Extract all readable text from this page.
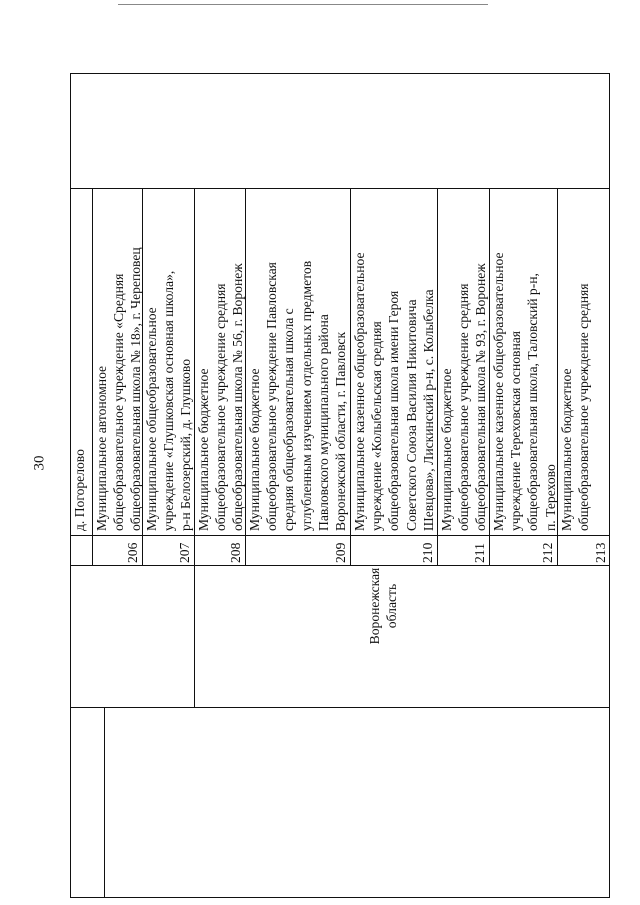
30 д. Погорелово
Воронежская область
Муниципальное автономное
общеобразовательное учреждение «Средняя
общеобразовательная школа № 18», г. Череповец
206
Муниципальное общеобразовательное
учреждение «Глушковская основная школа»,
р-н Белозерский, д. Глушково
207
Муниципальное бюджетное
общеобразовательное учреждение средняя
общеобразовательная школа № 56, г. Воронеж
208
Муниципальное бюджетное
общеобразовательное учреждение Павловская
средняя общеобразовательная школа с
углубленным изучением отдельных предметов
Павловского муниципального района
Воронежской области, г. Павловск
209
Муниципальное казенное общеобразовательное
учреждение «Колыбельская средняя
общеобразовательная школа имени Героя
Советского Союза Василия Никитовича
Шевцова», Лискинский р-н, с. Колыбелка
210
Муниципальное бюджетное
общеобразовательное учреждение средняя
общеобразовательная школа № 93, г. Воронеж
211
Муниципальное казенное общеобразовательное
учреждение Тереховская основная
общеобразовательная школа, Таловский р-н,
п. Терехово
212
Муниципальное бюджетное
общеобразовательное учреждение средняя
213
